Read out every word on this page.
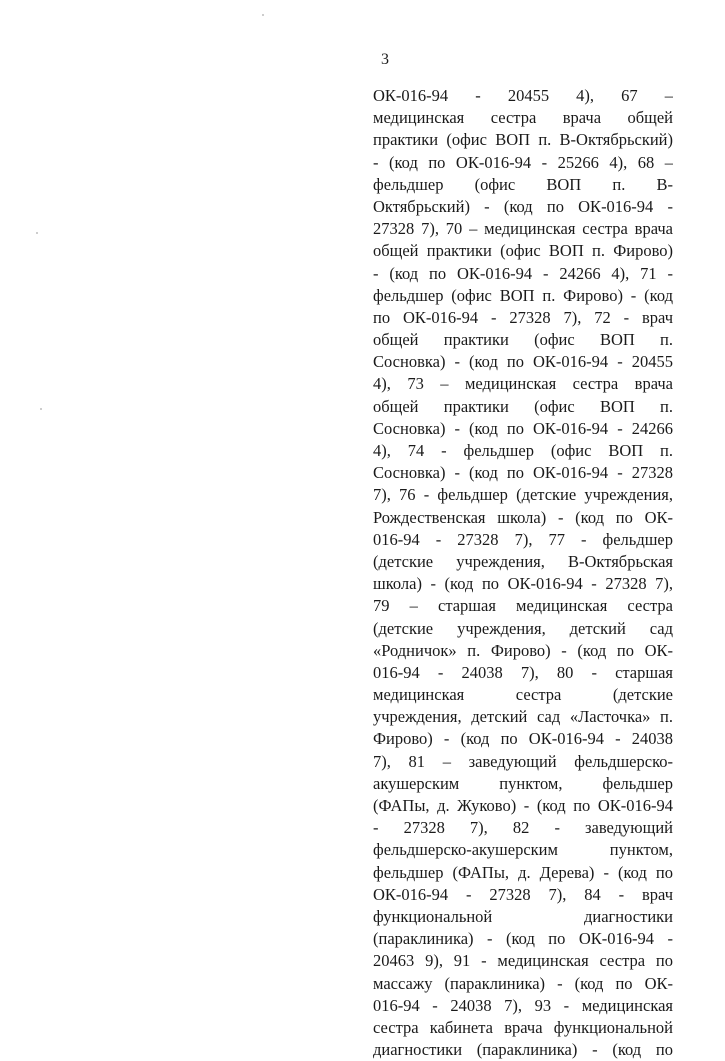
3
ОК-016-94 - 20455 4), 67 –
медицинская сестра врача общей
практики (офис ВОП п. В-Октябрьский)
- (код по ОК-016-94 - 25266 4), 68 –
фельдшер (офис ВОП п. В-
Октябрьский) - (код по ОК-016-94 -
27328 7), 70 – медицинская сестра врача
общей практики (офис ВОП п. Фирово)
- (код по ОК-016-94 - 24266 4), 71 -
фельдшер (офис ВОП п. Фирово) - (код
по ОК-016-94 - 27328 7), 72 - врач
общей практики (офис ВОП п.
Сосновка) - (код по ОК-016-94 - 20455
4), 73 – медицинская сестра врача
общей практики (офис ВОП п.
Сосновка) - (код по ОК-016-94 - 24266
4), 74 - фельдшер (офис ВОП п.
Сосновка) - (код по ОК-016-94 - 27328
7), 76 - фельдшер (детские учреждения,
Рождественская школа) - (код по ОК-
016-94 - 27328 7), 77 - фельдшер
(детские учреждения, В-Октябрьская
школа) - (код по ОК-016-94 - 27328 7),
79 – старшая медицинская сестра
(детские учреждения, детский сад
«Родничок» п. Фирово) - (код по ОК-
016-94 - 24038 7), 80 - старшая
медицинская сестра (детские
учреждения, детский сад «Ласточка» п.
Фирово) - (код по ОК-016-94 - 24038
7), 81 – заведующий фельдшерско-
акушерским пунктом, фельдшер
(ФАПы, д. Жуково) - (код по ОК-016-94
- 27328 7), 82 - заведующий
фельдшерско-акушерским пунктом,
фельдшер (ФАПы, д. Дерева) - (код по
ОК-016-94 - 27328 7), 84 - врач
функциональной диагностики
(параклиника) - (код по ОК-016-94 -
20463 9), 91 - медицинская сестра по
массажу (параклиника) - (код по ОК-
016-94 - 24038 7), 93 - медицинская
сестра кабинета врача функциональной
диагностики (параклиника) - (код по
